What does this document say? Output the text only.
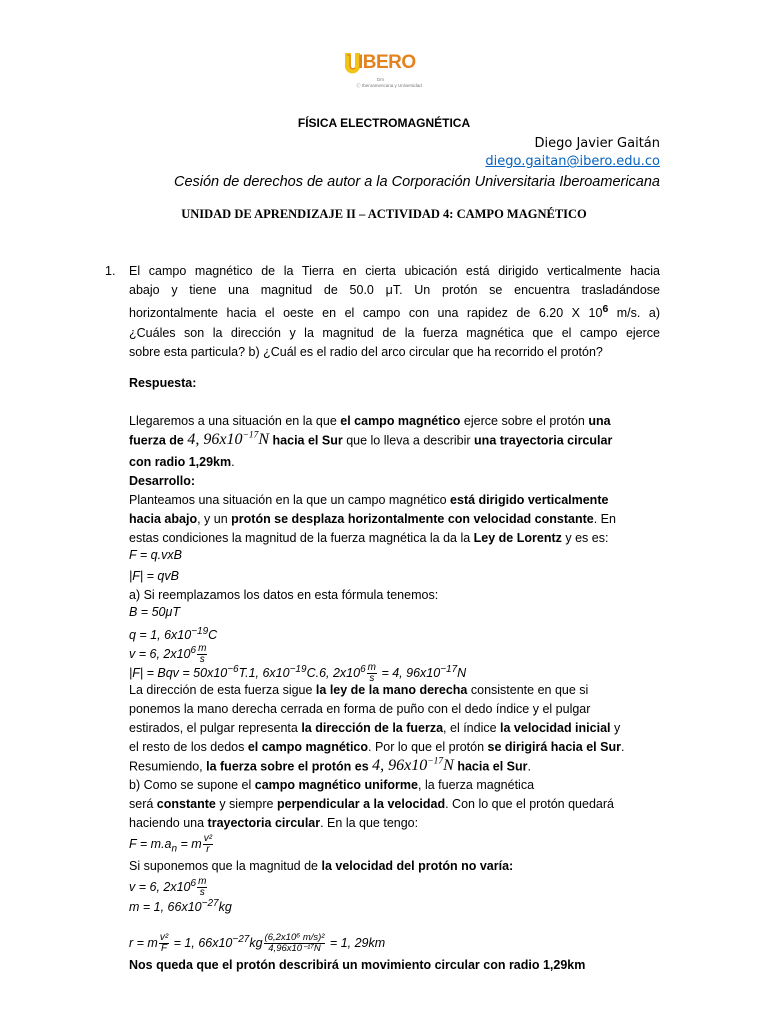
IBERO
Dm
Ⓒ Iberoamericana y Universidad
FÍSICA ELECTROMAGNÉTICA
Diego Javier Gaitán
diego.gaitan@ibero.edu.co
Cesión de derechos de autor a la Corporación Universitaria Iberoamericana
UNIDAD DE APRENDIZAJE II – ACTIVIDAD 4: CAMPO MAGNÉTICO
1. El campo magnético de la Tierra en cierta ubicación está dirigido verticalmente hacia
abajo y tiene una magnitud de 50.0 μT. Un protón se encuentra trasladándose
horizontalmente hacia el oeste en el campo con una rapidez de 6.20 X $10^6$ m/s. a)
¿Cuáles son la dirección y la magnitud de la fuerza magnética que el campo ejerce
sobre esta particula? b) ¿Cuál es el radio del arco circular que ha recorrido el protón?
Respuesta:
Llegaremos a una situación en la que el campo magnético ejerce sobre el protón una
fuerza de 4, $96x10^{-17}N$ hacia el Sur que lo lleva a describir una trayectoria circular
con radio 1,29km.
Desarrollo:
Planteamos una situación en la que un campo magnético está dirigido verticalmente
hacia abajo, y un protón se desplaza horizontalmente con velocidad constante. En
estas condiciones la magnitud de la fuerza magnética la da la Ley de Lorentz y es es:
F = q.vxB
|F| = qvB
a) Si reemplazamos los datos en esta fórmula tenemos:
B = 50μT
q = 1, $6x10^{-19}C$
v = 6, $2x10^6 \frac{m}{s}$
|F| = Bqv = $50x10^{-6}T.1$, $6x10^{-19}C.6$, $2x10^6 \frac{m}{s} = 4$, $96x10^{-17}N$
La dirección de esta fuerza sigue la ley de la mano derecha consistente en que si
ponemos la mano derecha cerrada en forma de puño con el dedo índice y el pulgar
estirados, el pulgar representa la dirección de la fuerza, el índice la velocidad inicial y
el resto de los dedos el campo magnético. Por lo que el protón se dirigirá hacia el Sur.
Resumiendo, la fuerza sobre el protón es 4, $96x10^{-17}N$ hacia el Sur.
b) Como se supone el campo magnético uniforme, la fuerza magnética
será constante y siempre perpendicular a la velocidad. Con lo que el protón quedará
haciendo una trayectoria circular. En la que tengo:
$F = m.a_n = m \frac{\text{v²}}{r}$
Si suponemos que la magnitud de la velocidad del protón no varía:
v = 6, $2x10^6 \frac{m}{s}$
m = 1, $66x10^{-27}kg$
r = m $\frac{\text{v²}}{F} = 1$, $66x10^{-27}kg \frac{\text{(6,2x10⁶ m/s)²}}{\text{4,96x10⁻¹⁷N}} = 1$, 29km
Nos queda que el protón describirá un movimiento circular con radio 1,29km
